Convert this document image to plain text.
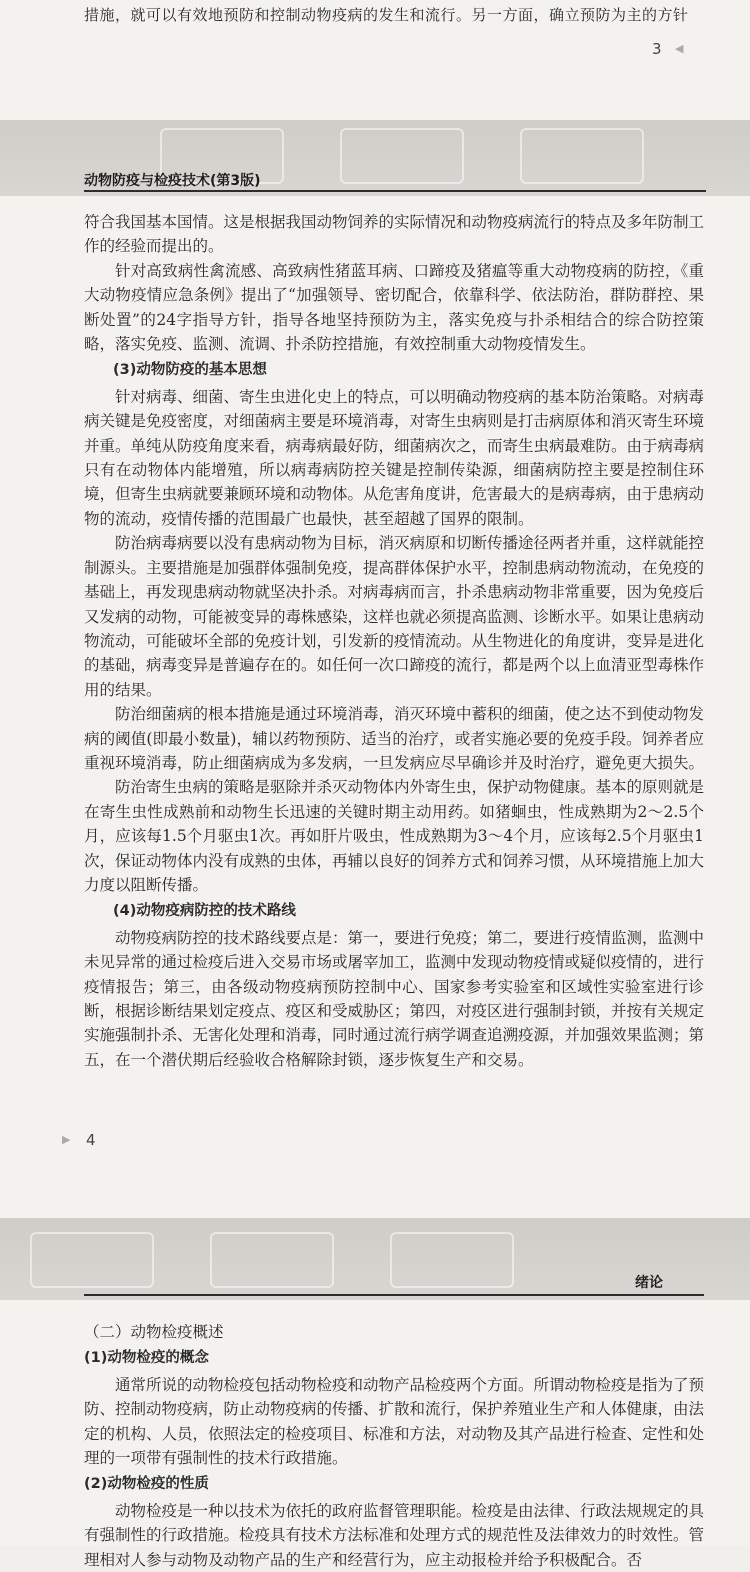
措施，就可以有效地预防和控制动物疫病的发生和流行。另一方面，确立预防为主的方针
3 ◀
动物防疫与检疫技术(第3版)

符合我国基本国情。这是根据我国动物饲养的实际情况和动物疫病流行的特点及多年防制工作的经验而提出的。

针对高致病性禽流感、高致病性猪蓝耳病、口蹄疫及猪瘟等重大动物疫病的防控，《重大动物疫情应急条例》提出了“加强领导、密切配合，依靠科学、依法防治，群防群控、果断处置”的24字指导方针，指导各地坚持预防为主，落实免疫与扑杀相结合的综合防控策略，落实免疫、监测、流调、扑杀防控措施，有效控制重大动物疫情发生。

(3)动物防疫的基本思想

针对病毒、细菌、寄生虫进化史上的特点，可以明确动物疫病的基本防治策略。对病毒病关键是免疫密度，对细菌病主要是环境消毒，对寄生虫病则是打击病原体和消灭寄生环境并重。单纯从防疫角度来看，病毒病最好防，细菌病次之，而寄生虫病最难防。由于病毒病只有在动物体内能增殖，所以病毒病防控关键是控制传染源，细菌病防控主要是控制住环境，但寄生虫病就要兼顾环境和动物体。从危害角度讲，危害最大的是病毒病，由于患病动物的流动，疫情传播的范围最广也最快，甚至超越了国界的限制。

防治病毒病要以没有患病动物为目标，消灭病原和切断传播途径两者并重，这样就能控制源头。主要措施是加强群体强制免疫，提高群体保护水平，控制患病动物流动，在免疫的基础上，再发现患病动物就坚决扑杀。对病毒病而言，扑杀患病动物非常重要，因为免疫后又发病的动物，可能被变异的毒株感染，这样也就必须提高监测、诊断水平。如果让患病动物流动，可能破坏全部的免疫计划，引发新的疫情流动。从生物进化的角度讲，变异是进化的基础，病毒变异是普遍存在的。如任何一次口蹄疫的流行，都是两个以上血清亚型毒株作用的结果。

防治细菌病的根本措施是通过环境消毒，消灭环境中蓄积的细菌，使之达不到使动物发病的阈值(即最小数量)，辅以药物预防、适当的治疗，或者实施必要的免疫手段。饲养者应重视环境消毒，防止细菌病成为多发病，一旦发病应尽早确诊并及时治疗，避免更大损失。

防治寄生虫病的策略是驱除并杀灭动物体内外寄生虫，保护动物健康。基本的原则就是在寄生虫性成熟前和动物生长迅速的关键时期主动用药。如猪蛔虫，性成熟期为2～2.5个月，应该每1.5个月驱虫1次。再如肝片吸虫，性成熟期为3～4个月，应该每2.5个月驱虫1次，保证动物体内没有成熟的虫体，再辅以良好的饲养方式和饲养习惯，从环境措施上加大力度以阻断传播。

(4)动物疫病防控的技术路线

动物疫病防控的技术路线要点是：第一，要进行免疫；第二，要进行疫情监测，监测中未见异常的通过检疫后进入交易市场或屠宰加工，监测中发现动物疫情或疑似疫情的，进行疫情报告；第三，由各级动物疫病预防控制中心、国家参考实验室和区域性实验室进行诊断，根据诊断结果划定疫点、疫区和受威胁区；第四，对疫区进行强制封锁，并按有关规定实施强制扑杀、无害化处理和消毒，同时通过流行病学调查追溯疫源，并加强效果监测；第五，在一个潜伏期后经验收合格解除封锁，逐步恢复生产和交易。

▶ 4
绪论

（二）动物检疫概述

(1)动物检疫的概念

通常所说的动物检疫包括动物检疫和动物产品检疫两个方面。所谓动物检疫是指为了预防、控制动物疫病，防止动物疫病的传播、扩散和流行，保护养殖业生产和人体健康，由法定的机构、人员，依照法定的检疫项目、标准和方法，对动物及其产品进行检查、定性和处理的一项带有强制性的技术行政措施。

(2)动物检疫的性质

动物检疫是一种以技术为依托的政府监督管理职能。检疫是由法律、行政法规规定的具有强制性的行政措施。检疫具有技术方法标准和处理方式的规范性及法律效力的时效性。管理相对人参与动物及动物产品的生产和经营行为，应主动报检并给予积极配合。否
